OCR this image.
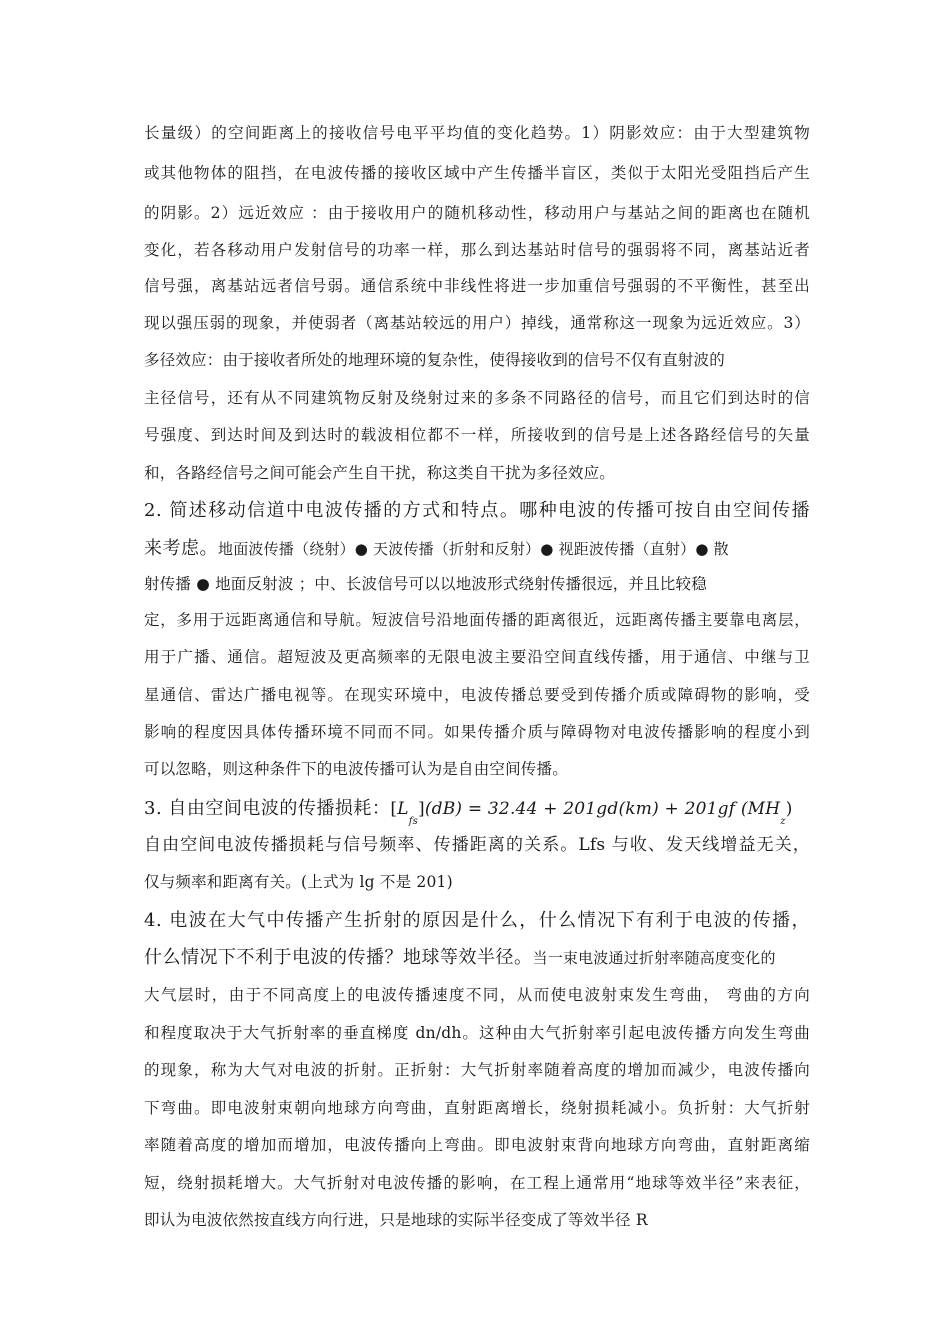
长量级）的空间距离上的接收信号电平平均值的变化趋势。1）阴影效应：由于大型建筑物
或其他物体的阻挡，在电波传播的接收区域中产生传播半盲区，类似于太阳光受阻挡后产生
的阴影。2）远近效应 ：由于接收用户的随机移动性，移动用户与基站之间的距离也在随机
变化，若各移动用户发射信号的功率一样，那么到达基站时信号的强弱将不同，离基站近者
信号强，离基站远者信号弱。通信系统中非线性将进一步加重信号强弱的不平衡性，甚至出
现以强压弱的现象，并使弱者（离基站较远的用户）掉线，通常称这一现象为远近效应。3）
多径效应：由于接收者所处的地理环境的复杂性，使得接收到的信号不仅有直射波的
主径信号，还有从不同建筑物反射及绕射过来的多条不同路径的信号，而且它们到达时的信
号强度、到达时间及到达时的载波相位都不一样，所接收到的信号是上述各路经信号的矢量
和，各路经信号之间可能会产生自干扰，称这类自干扰为多径效应。
2. 简述移动信道中电波传播的方式和特点。哪种电波的传播可按自由空间传播
来考虑。地面波传播（绕射）● 天波传播（折射和反射）● 视距波传播（直射）● 散
射传播 ● 地面反射波 ；中、长波信号可以以地波形式绕射传播很远，并且比较稳
定，多用于远距离通信和导航。短波信号沿地面传播的距离很近，远距离传播主要靠电离层，
用于广播、通信。超短波及更高频率的无限电波主要沿空间直线传播，用于通信、中继与卫
星通信、雷达广播电视等。在现实环境中，电波传播总要受到传播介质或障碍物的影响，受
影响的程度因具体传播环境不同而不同。如果传播介质与障碍物对电波传播影响的程度小到
可以忽略，则这种条件下的电波传播可认为是自由空间传播。
3. 自由空间电波的传播损耗：$[L_{fs}](dB) = 32.44 + 201gd(km) + 201gf$ $(MH_z)$
自由空间电波传播损耗与信号频率、传播距离的关系。Lfs 与收、发天线增益无关，
仅与频率和距离有关。(上式为 lg 不是 201)
4. 电波在大气中传播产生折射的原因是什么，什么情况下有利于电波的传播，
什么情况下不利于电波的传播？地球等效半径。当一束电波通过折射率随高度变化的
大气层时，由于不同高度上的电波传播速度不同，从而使电波射束发生弯曲， 弯曲的方向
和程度取决于大气折射率的垂直梯度 dn/dh。这种由大气折射率引起电波传播方向发生弯曲
的现象，称为大气对电波的折射。正折射：大气折射率随着高度的增加而减少，电波传播向
下弯曲。即电波射束朝向地球方向弯曲，直射距离增长，绕射损耗减小。负折射：大气折射
率随着高度的增加而增加，电波传播向上弯曲。即电波射束背向地球方向弯曲，直射距离缩
短，绕射损耗增大。大气折射对电波传播的影响，在工程上通常用“地球等效半径”来表征，
即认为电波依然按直线方向行进，只是地球的实际半径变成了等效半径 R
